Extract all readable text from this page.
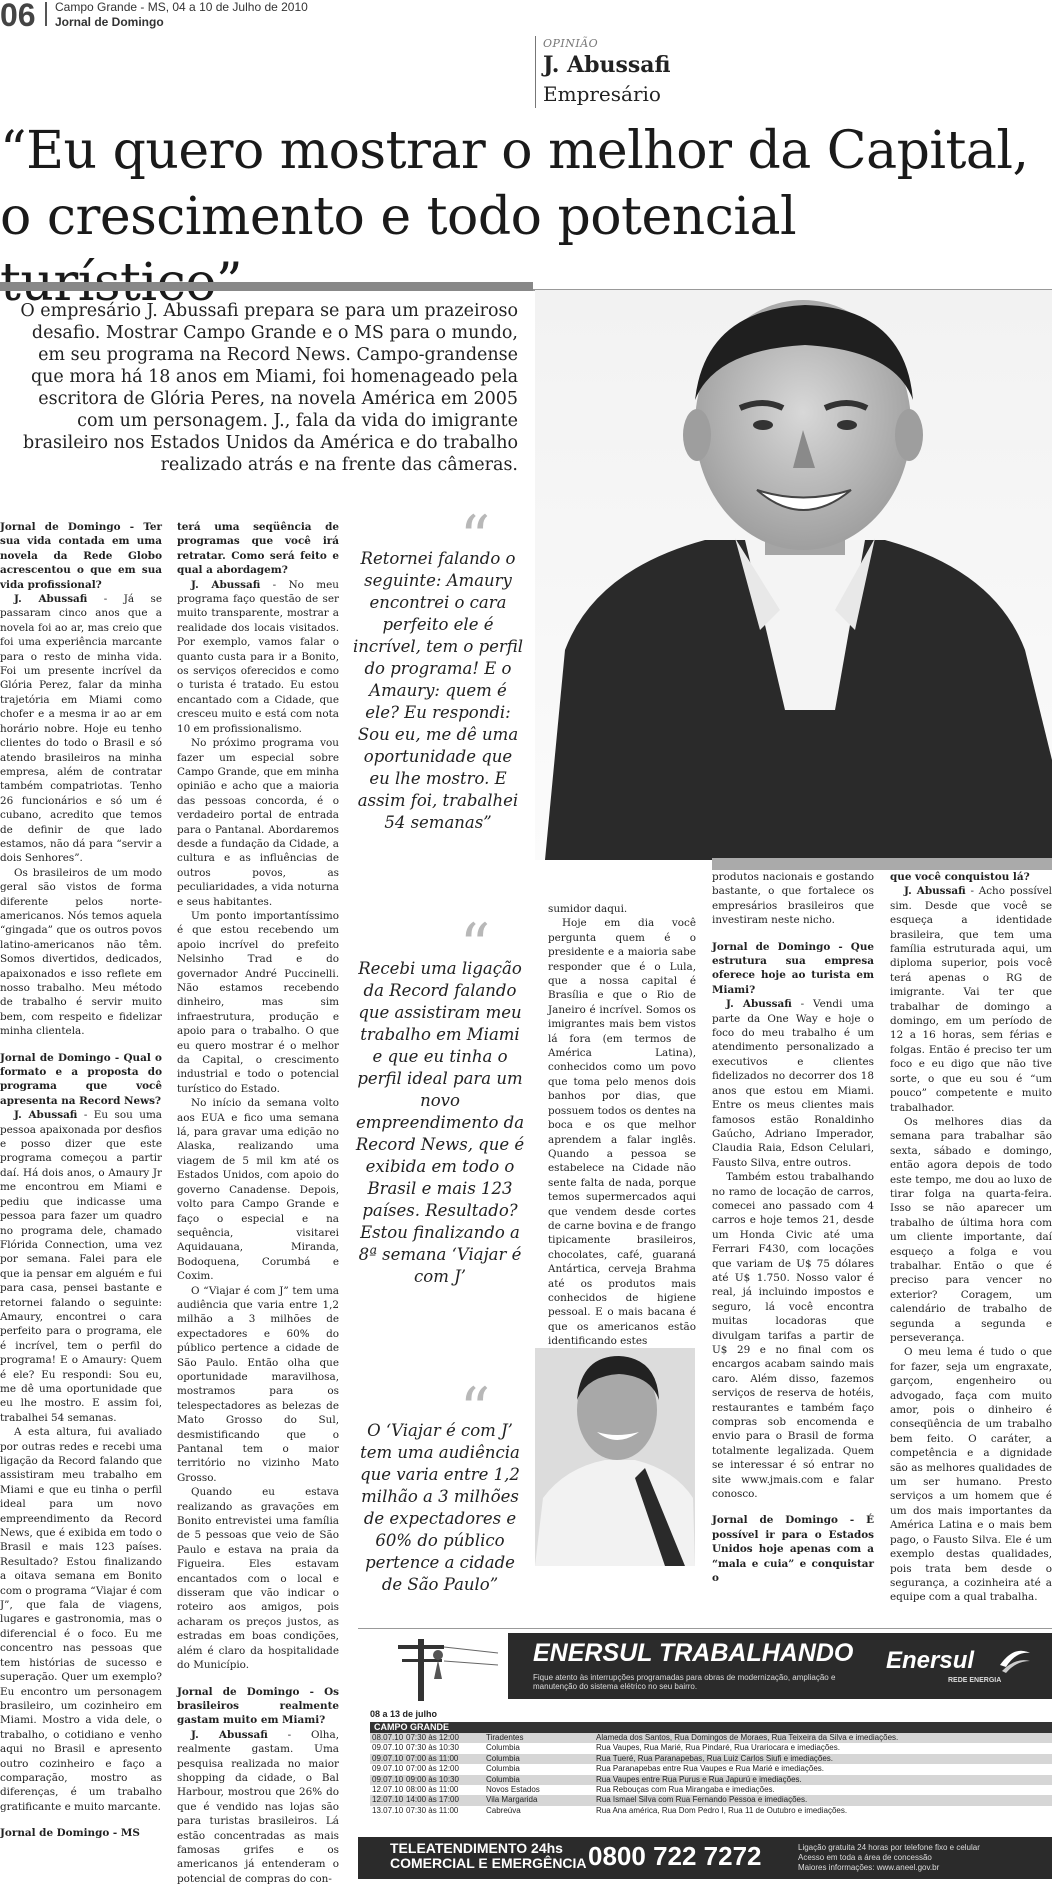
06 Campo Grande - MS, 04 a 10 de Julho de 2010
Jornal de Domingo
OPINIÃO
J. Abussafi
Empresário
“Eu quero mostrar o melhor da Capital, o crescimento e todo potencial
O empresário J. Abussafi prepara se para um prazeiroso desafio. Mostrar Campo Grande e o MS para o mundo, em seu programa na Record News. Campo-grandense que mora há 18 anos em Miami, foi homenageado pela escritora de Glória Peres, na novela América em 2005 com um personagem. J., fala da vida do imigrante brasileiro nos Estados Unidos da América e do trabalho realizado atrás e na frente das câmeras.

Jornal de Domingo - Ter sua vida contada em uma novela da Rede Globo acrescentou o que em sua vida profissional?

J. Abussafi - Já se passaram cinco anos que a novela foi ao ar, mas creio que foi uma experiência marcante para o resto de minha vida. Foi um presente incrível da Glória Perez, falar da minha trajetória em Miami como chofer e a mesma ir ao ar em horário nobre. Hoje eu tenho clientes do todo o Brasil e só atendo brasileiros na minha empresa, além de contratar também compatriotas. Tenho 26 funcionários e só um é cubano, acredito que temos de definir de que lado estamos, não dá para “servir a dois Senhores”.

Os brasileiros de um modo geral são vistos de forma diferente pelos norte-americanos. Nós temos aquela “gingada” que os outros povos latino-americanos não têm. Somos divertidos, dedicados, apaixonados e isso reflete em nosso trabalho. Meu método de trabalho é servir muito bem, com respeito e fidelizar minha clientela.

Jornal de Domingo - Qual o formato e a proposta do programa que você apresenta na Record News?

J. Abussafi - Eu sou uma pessoa apaixonada por desfios e posso dizer que este programa começou a partir daí. Há dois anos, o Amaury Jr me encontrou em Miami e pediu que indicasse uma pessoa para fazer um quadro no programa dele, chamado Flórida Connection, uma vez por semana. Falei para ele que ia pensar em alguém e fui para casa, pensei bastante e retornei falando o seguinte: Amaury, encontrei o cara perfeito para o programa, ele é incrível, tem o perfil do programa! E o Amaury: Quem é ele? Eu respondi: Sou eu, me dê uma oportunidade que eu lhe mostro. E assim foi, trabalhei 54 semanas.

A esta altura, fui avaliado por outras redes e recebi uma ligação da Record falando que assistiram meu trabalho em Miami e que eu tinha o perfil ideal para um novo empreendimento da Record News, que é exibida em todo o Brasil e mais 123 países. Resultado? Estou finalizando a oitava semana em Bonito com o programa “Viajar é com J”, que fala de viagens, lugares e gastronomia, mas o diferencial é o foco. Eu me concentro nas pessoas que tem histórias de sucesso e superação. Quer um exemplo? Eu encontro um personagem brasileiro, um cozinheiro em Miami. Mostro a vida dele, o trabalho, o cotidiano e venho aqui no Brasil e apresento outro cozinheiro e faço a comparação, mostro as diferenças, é um trabalho gratificante e muito marcante.

Jornal de Domingo - MS

terá uma seqüência de programas que você irá retratar. Como será feito e qual a abordagem?

J. Abussafi - No meu programa faço questão de ser muito transparente, mostrar a realidade dos locais visitados. Por exemplo, vamos falar o quanto custa para ir a Bonito, os serviços oferecidos e como o turista é tratado. Eu estou encantado com a Cidade, que cresceu muito e está com nota 10 em profissionalismo.

No próximo programa vou fazer um especial sobre Campo Grande, que em minha opinião e acho que a maioria das pessoas concorda, é o verdadeiro portal de entrada para o Pantanal. Abordaremos desde a fundação da Cidade, a cultura e as influências de outros povos, as peculiaridades, a vida noturna e seus habitantes.

Um ponto importantíssimo é que estou recebendo um apoio incrível do prefeito Nelsinho Trad e do governador André Puccinelli. Não estamos recebendo dinheiro, mas sim infraestrutura, produção e apoio para o trabalho. O que eu quero mostrar é o melhor da Capital, o crescimento industrial e todo o potencial turístico do Estado.

No início da semana volto aos EUA e fico uma semana lá, para gravar uma edição no Alaska, realizando uma viagem de 5 mil km até os Estados Unidos, com apoio do governo Canadense. Depois, volto para Campo Grande e faço o especial e na sequência, visitarei Aquidauana, Miranda, Bodoquena, Corumbá e Coxim.

O “Viajar é com J” tem uma audiência que varia entre 1,2 milhão a 3 milhões de expectadores e 60% do público pertence a cidade de São Paulo. Então olha que oportunidade maravilhosa, mostramos para os telespectadores as belezas de Mato Grosso do Sul, desmistificando que o Pantanal tem o maior território no vizinho Mato Grosso.

Quando eu estava realizando as gravações em Bonito entrevistei uma família de 5 pessoas que veio de São Paulo e estava na praia da Figueira. Eles estavam encantados com o local e disseram que vão indicar o roteiro aos amigos, pois acharam os preços justos, as estradas em boas condições, além é claro da hospitalidade do Município.

Jornal de Domingo - Os brasileiros realmente gastam muito em Miami?

J. Abussafi - Olha, realmente gastam. Uma pesquisa realizada no maior shopping da cidade, o Bal Harbour, mostrou que 26% do que é vendido nas lojas são para turistas brasileiros. Lá estão concentradas as mais famosas grifes e os americanos já entenderam o potencial de compras do con-

“
Retornei falando o seguinte: Amaury encontrei o cara perfeito ele é incrível, tem o perfil do programa! E o Amaury: quem é ele? Eu respondi: Sou eu, me dê uma oportunidade que eu lhe mostro. E assim foi, trabalhei 54 semanas”
“
Recebi uma ligação da Record falando que assistiram meu trabalho em Miami e que eu tinha o perfil ideal para um novo empreendimento da Record News, que é exibida em todo o Brasil e mais 123 países. Resultado? Estou finalizando a 8ª semana ‘Viajar é com J’
“
O ‘Viajar é com J’ tem uma audiência que varia entre 1,2 milhão a 3 milhões de expectadores e 60% do público pertence a cidade de São Paulo”

sumidor daqui.

Hoje em dia você pergunta quem é o presidente e a maioria sabe responder que é o Lula, que a nossa capital é Brasília e que o Rio de Janeiro é incrível. Somos os imigrantes mais bem vistos lá fora (em termos de América Latina), conhecidos como um povo que toma pelo menos dois banhos por dias, que possuem todos os dentes na boca e os que melhor aprendem a falar inglês. Quando a pessoa se estabelece na Cidade não sente falta de nada, porque temos supermercados aqui que vendem desde cortes de carne bovina e de frango tipicamente brasileiros, chocolates, café, guaraná Antártica, cerveja Brahma até os produtos mais conhecidos de higiene pessoal. E o mais bacana é que os americanos estão identificando estes

produtos nacionais e gostando bastante, o que fortalece os empresários brasileiros que investiram neste nicho.

Jornal de Domingo - Que estrutura sua empresa oferece hoje ao turista em Miami?

J. Abussafi - Vendi uma parte da One Way e hoje o foco do meu trabalho é um atendimento personalizado a executivos e clientes fidelizados no decorrer dos 18 anos que estou em Miami. Entre os meus clientes mais famosos estão Ronaldinho Gaúcho, Adriano Imperador, Claudia Raia, Edson Celulari, Fausto Silva, entre outros.

Também estou trabalhando no ramo de locação de carros, comecei ano passado com 4 carros e hoje temos 21, desde um Honda Civic até uma Ferrari F430, com locações que variam de U$ 75 dólares até U$ 1.750. Nosso valor é real, já incluindo impostos e seguro, lá você encontra muitas locadoras que divulgam tarifas a partir de U$ 29 e no final com os encargos acabam saindo mais caro. Além disso, fazemos serviços de reserva de hotéis, restaurantes e também faço compras sob encomenda e envio para o Brasil de forma totalmente legalizada. Quem se interessar é só entrar no site www.jmais.com e falar conosco.

Jornal de Domingo - É possível ir para o Estados Unidos hoje apenas com a “mala e cuia” e conquistar o

que você conquistou lá?

J. Abussafi - Acho possível sim. Desde que você se esqueça a identidade brasileira, que tem uma família estruturada aqui, um diploma superior, pois você terá apenas o RG de imigrante. Vai ter que trabalhar de domingo a domingo, em um período de 12 a 16 horas, sem férias e folgas. Então é preciso ter um foco e eu digo que não tive sorte, o que eu sou é “um pouco” competente e muito trabalhador.

Os melhores dias da semana para trabalhar são sexta, sábado e domingo, então agora depois de todo este tempo, me dou ao luxo de tirar folga na quarta-feira. Isso se não aparecer um trabalho de última hora com um cliente importante, daí esqueço a folga e vou trabalhar. Então o que é preciso para vencer no exterior? Coragem, um calendário de trabalho de segunda a segunda e perseverança.

O meu lema é tudo o que for fazer, seja um engraxate, garçom, engenheiro ou advogado, faça com muito amor, pois o dinheiro é conseqüência de um trabalho bem feito. O caráter, a competência e a dignidade são as melhores qualidades de um ser humano. Presto serviços a um homem que é um dos mais importantes da América Latina e o mais bem pago, o Fausto Silva. Ele é um exemplo destas qualidades, pois trata bem desde o segurança, a cozinheira até a equipe com a qual trabalha.

ENERSUL TRABALHANDO
Fique atento às interrupções programadas para obras de modernização, ampliação e manutenção do sistema elétrico no seu bairro.
Enersul
REDE ENERGIA
08 a 13 de julho
CAMPO GRANDE
08.07.10 07:30 às 12:00	Tiradentes	Alameda dos Santos, Rua Domingos de Moraes, Rua Teixeira da Silva e imediações.
09.07.10 07:30 às 10:30	Columbia	Rua Vaupes, Rua Marié, Rua Pindaré, Rua Urariocara e imediações.
09.07.10 07:00 às 11:00	Columbia	Rua Tueré, Rua Paranapebas, Rua Luiz Carlos Siufi e imediações.
09.07.10 07:00 às 12:00	Columbia	Rua Paranapebas entre Rua Vaupes e Rua Marié e imediações.
09.07.10 09:00 às 10:30	Columbia	Rua Vaupes entre Rua Purus e Rua Japurú e imediações.
12.07.10 08:00 às 11:00	Novos Estados	Rua Rebouças com Rua Mirangaba e imediações.
12.07.10 14:00 às 17:00	Vila Margarida	Rua Ismael Silva com Rua Fernando Pessoa e imediações.
13.07.10 07:30 às 11:00	Cabreúva	Rua Ana américa, Rua Dom Pedro I, Rua 11 de Outubro e imediações.
TELEATENDIMENTO 24hs
COMERCIAL E EMERGÊNCIA 0800 722 7272	Ligação gratuita 24 horas por telefone fixo e celular
Acesso em toda a área de concessão
Maiores informações: www.aneel.gov.br
